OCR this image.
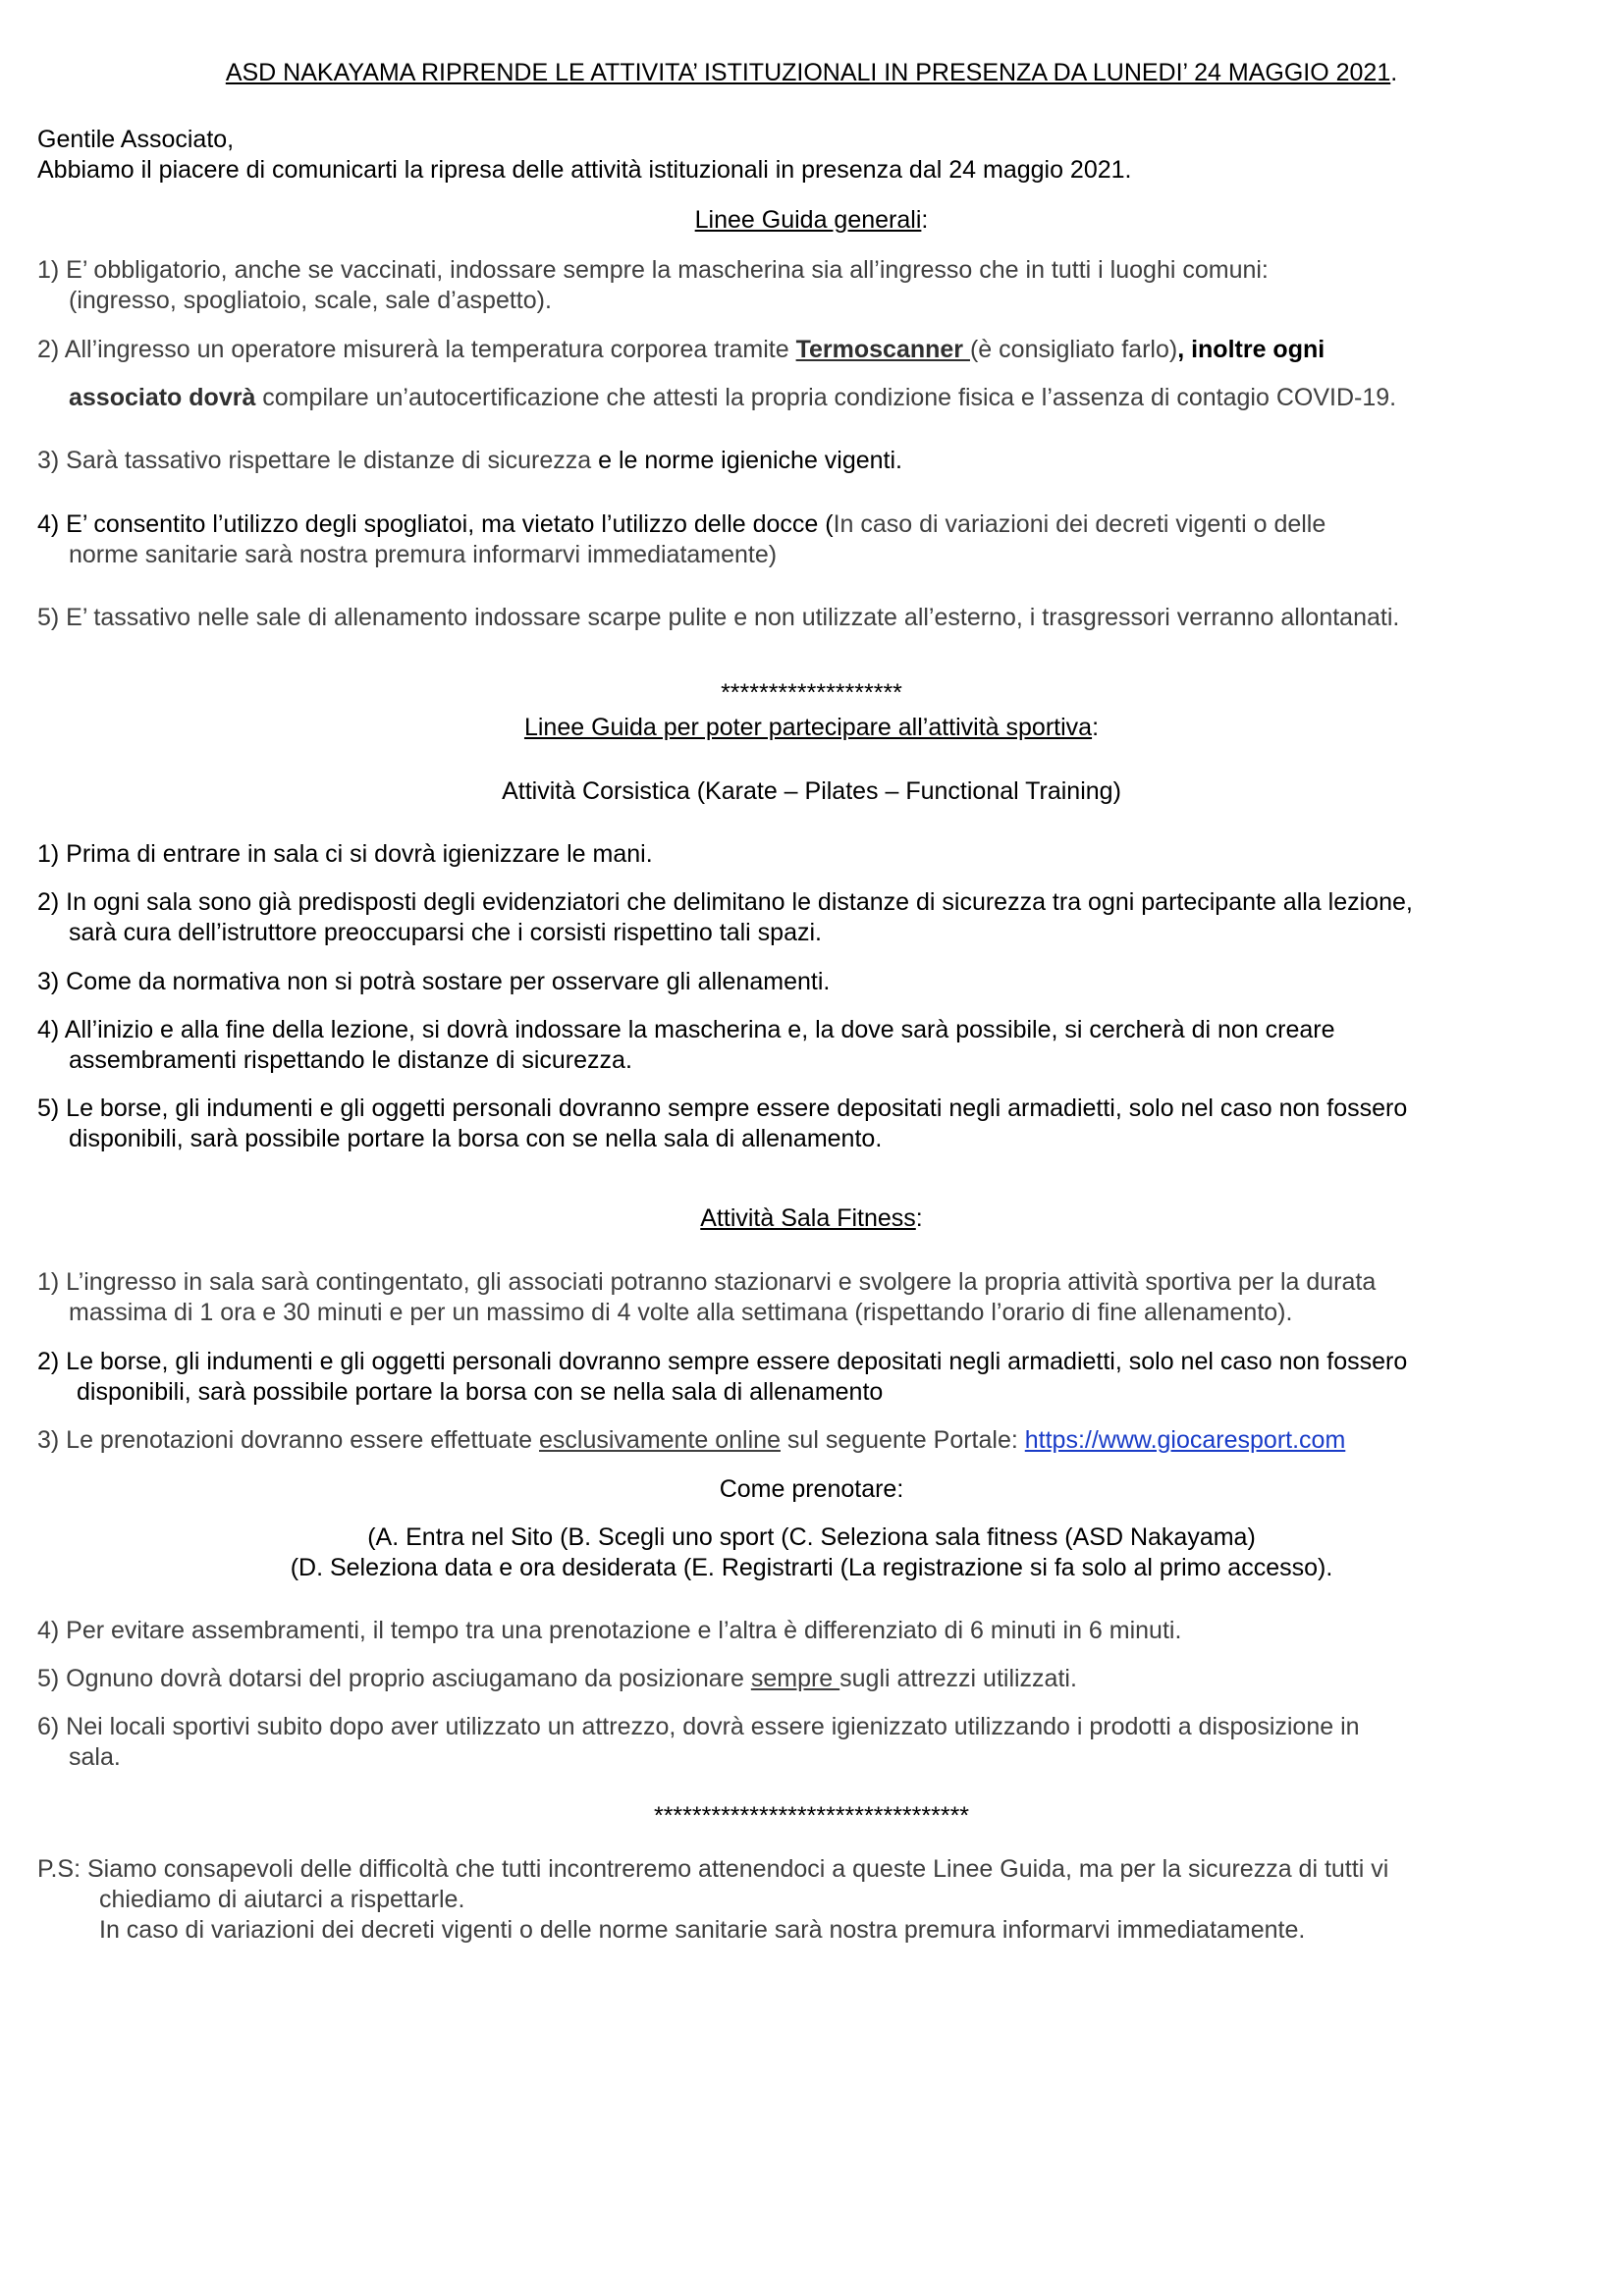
ASD NAKAYAMA RIPRENDE LE ATTIVITA’ ISTITUZIONALI IN PRESENZA DA LUNEDI’ 24 MAGGIO 2021.
Gentile Associato,
Abbiamo il piacere di comunicarti la ripresa delle attività istituzionali in presenza dal 24 maggio 2021.
Linee Guida generali:
1) E’ obbligatorio, anche se vaccinati, indossare sempre la mascherina sia all’ingresso che in tutti i luoghi comuni:
(ingresso, spogliatoio, scale, sale d’aspetto).
2) All’ingresso un operatore misurerà la temperatura corporea tramite Termoscanner (è consigliato farlo), inoltre ogni
associato dovrà compilare un’autocertificazione che attesti la propria condizione fisica e l’assenza di contagio COVID-19.
3) Sarà tassativo rispettare le distanze di sicurezza e le norme igieniche vigenti.
4) E’ consentito l’utilizzo degli spogliatoi, ma vietato l’utilizzo delle docce (In caso di variazioni dei decreti vigenti o delle
norme sanitarie sarà nostra premura informarvi immediatamente)
5) E’ tassativo nelle sale di allenamento indossare scarpe pulite e non utilizzate all’esterno, i trasgressori verranno allontanati.
*******************
Linee Guida per poter partecipare all’attività sportiva:
Attività Corsistica (Karate – Pilates – Functional Training)
1) Prima di entrare in sala ci si dovrà igienizzare le mani.
2) In ogni sala sono già predisposti degli evidenziatori che delimitano le distanze di sicurezza tra ogni partecipante alla lezione,
sarà cura dell’istruttore preoccuparsi che i corsisti rispettino tali spazi.
3) Come da normativa non si potrà sostare per osservare gli allenamenti.
4) All’inizio e alla fine della lezione, si dovrà indossare la mascherina e, la dove sarà possibile, si cercherà di non creare
assembramenti rispettando le distanze di sicurezza.
5) Le borse, gli indumenti e gli oggetti personali dovranno sempre essere depositati negli armadietti, solo nel caso non fossero
disponibili, sarà possibile portare la borsa con se nella sala di allenamento.
Attività Sala Fitness:
1) L’ingresso in sala sarà contingentato, gli associati potranno stazionarvi e svolgere la propria attività sportiva per la durata
massima di 1 ora e 30 minuti e per un massimo di 4 volte alla settimana (rispettando l’orario di fine allenamento).
2) Le borse, gli indumenti e gli oggetti personali dovranno sempre essere depositati negli armadietti, solo nel caso non fossero
disponibili, sarà possibile portare la borsa con se nella sala di allenamento
3) Le prenotazioni dovranno essere effettuate esclusivamente online sul seguente Portale: https://www.giocaresport.com
Come prenotare:
(A. Entra nel Sito (B. Scegli uno sport (C. Seleziona sala fitness (ASD Nakayama)
(D. Seleziona data e ora desiderata (E. Registrarti (La registrazione si fa solo al primo accesso).
4) Per evitare assembramenti, il tempo tra una prenotazione e l’altra è differenziato di 6 minuti in 6 minuti.
5) Ognuno dovrà dotarsi del proprio asciugamano da posizionare sempre sugli attrezzi utilizzati.
6) Nei locali sportivi subito dopo aver utilizzato un attrezzo, dovrà essere igienizzato utilizzando i prodotti a disposizione in
sala.
*********************************
P.S: Siamo consapevoli delle difficoltà che tutti incontreremo attenendoci a queste Linee Guida, ma per la sicurezza di tutti vi
chiediamo di aiutarci a rispettarle.
In caso di variazioni dei decreti vigenti o delle norme sanitarie sarà nostra premura informarvi immediatamente.
